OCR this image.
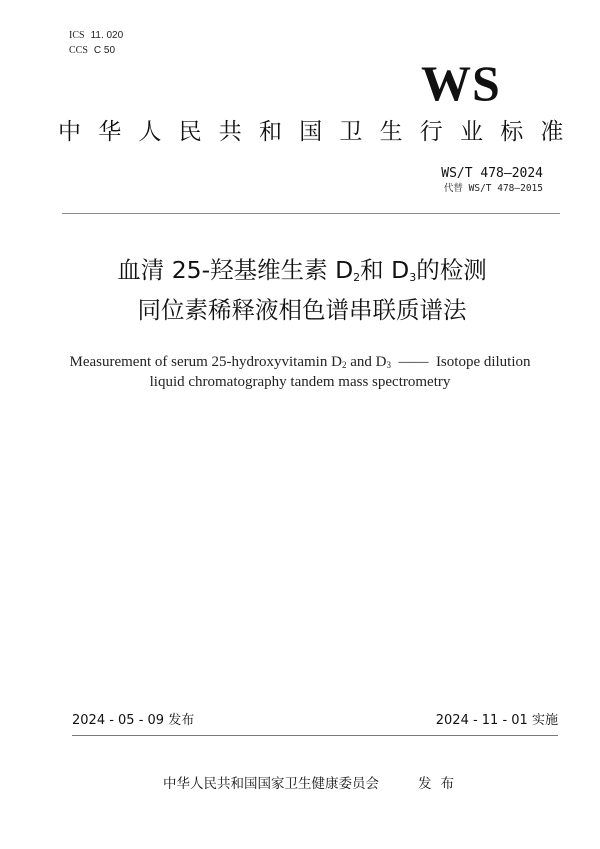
ICS 11. 020
CCS C 50
WS
中华人民共和国卫生行业标准
WS/T 478—2024
代替 WS/T 478—2015
血清 25-羟基维生素 $D_2$和 $D_3$的检测
同位素稀释液相色谱串联质谱法
Measurement of serum 25-hydroxyvitamin $D_2$ and $D_3$  ——  Isotope dilution
liquid chromatography tandem mass spectrometry
2024 - 05 - 09 发布	2024 - 11 - 01 实施
中华人民共和国国家卫生健康委员会	发布
